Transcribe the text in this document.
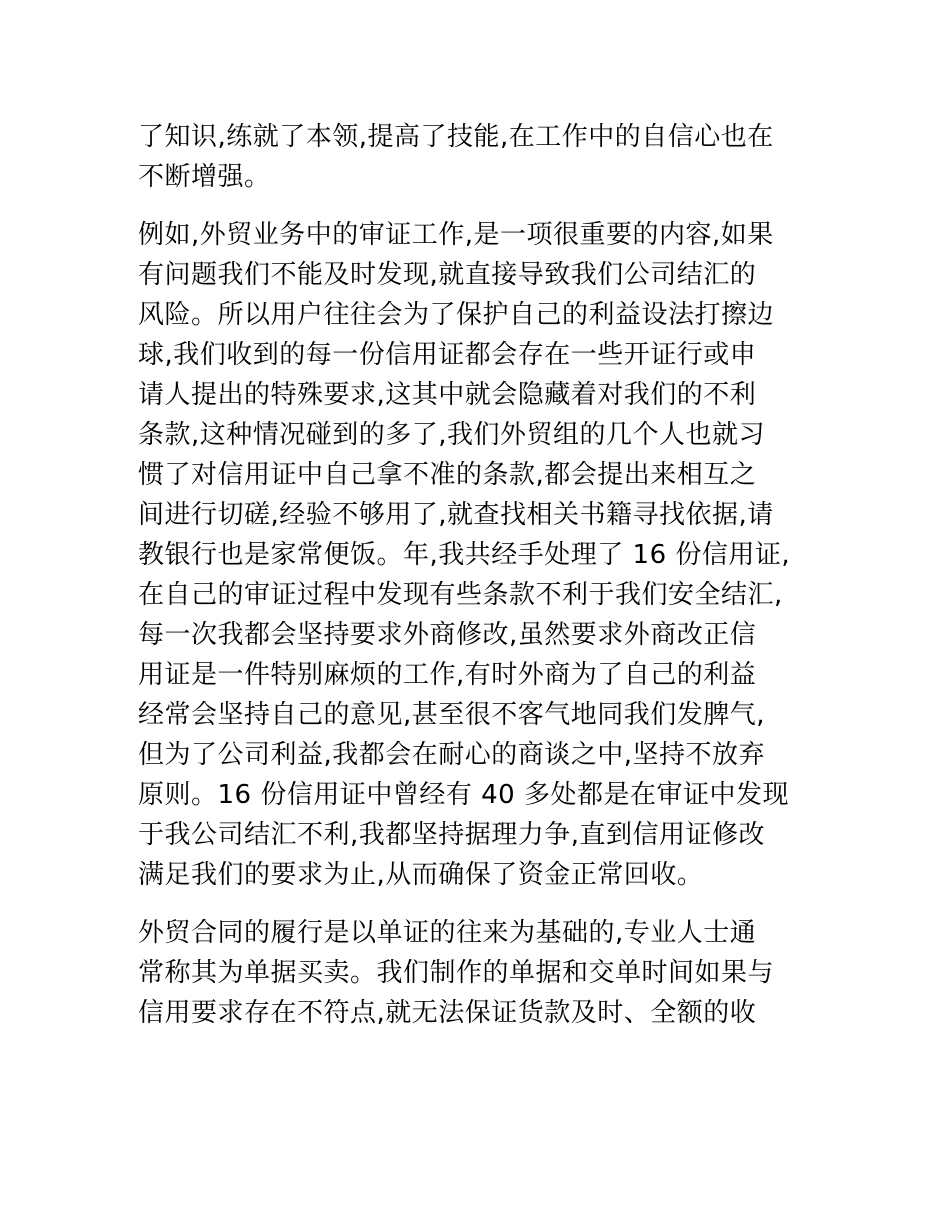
了知识,练就了本领,提高了技能,在工作中的自信心也在
不断增强。

例如,外贸业务中的审证工作,是一项很重要的内容,如果
有问题我们不能及时发现,就直接导致我们公司结汇的
风险。所以用户往往会为了保护自己的利益设法打擦边
球,我们收到的每一份信用证都会存在一些开证行或申
请人提出的特殊要求,这其中就会隐藏着对我们的不利
条款,这种情况碰到的多了,我们外贸组的几个人也就习
惯了对信用证中自己拿不准的条款,都会提出来相互之
间进行切磋,经验不够用了,就查找相关书籍寻找依据,请
教银行也是家常便饭。年,我共经手处理了 16 份信用证,
在自己的审证过程中发现有些条款不利于我们安全结汇,
每一次我都会坚持要求外商修改,虽然要求外商改正信
用证是一件特别麻烦的工作,有时外商为了自己的利益
经常会坚持自己的意见,甚至很不客气地同我们发脾气,
但为了公司利益,我都会在耐心的商谈之中,坚持不放弃
原则。16 份信用证中曾经有 40 多处都是在审证中发现
于我公司结汇不利,我都坚持据理力争,直到信用证修改
满足我们的要求为止,从而确保了资金正常回收。

外贸合同的履行是以单证的往来为基础的,专业人士通
常称其为单据买卖。我们制作的单据和交单时间如果与
信用要求存在不符点,就无法保证货款及时、全额的收
